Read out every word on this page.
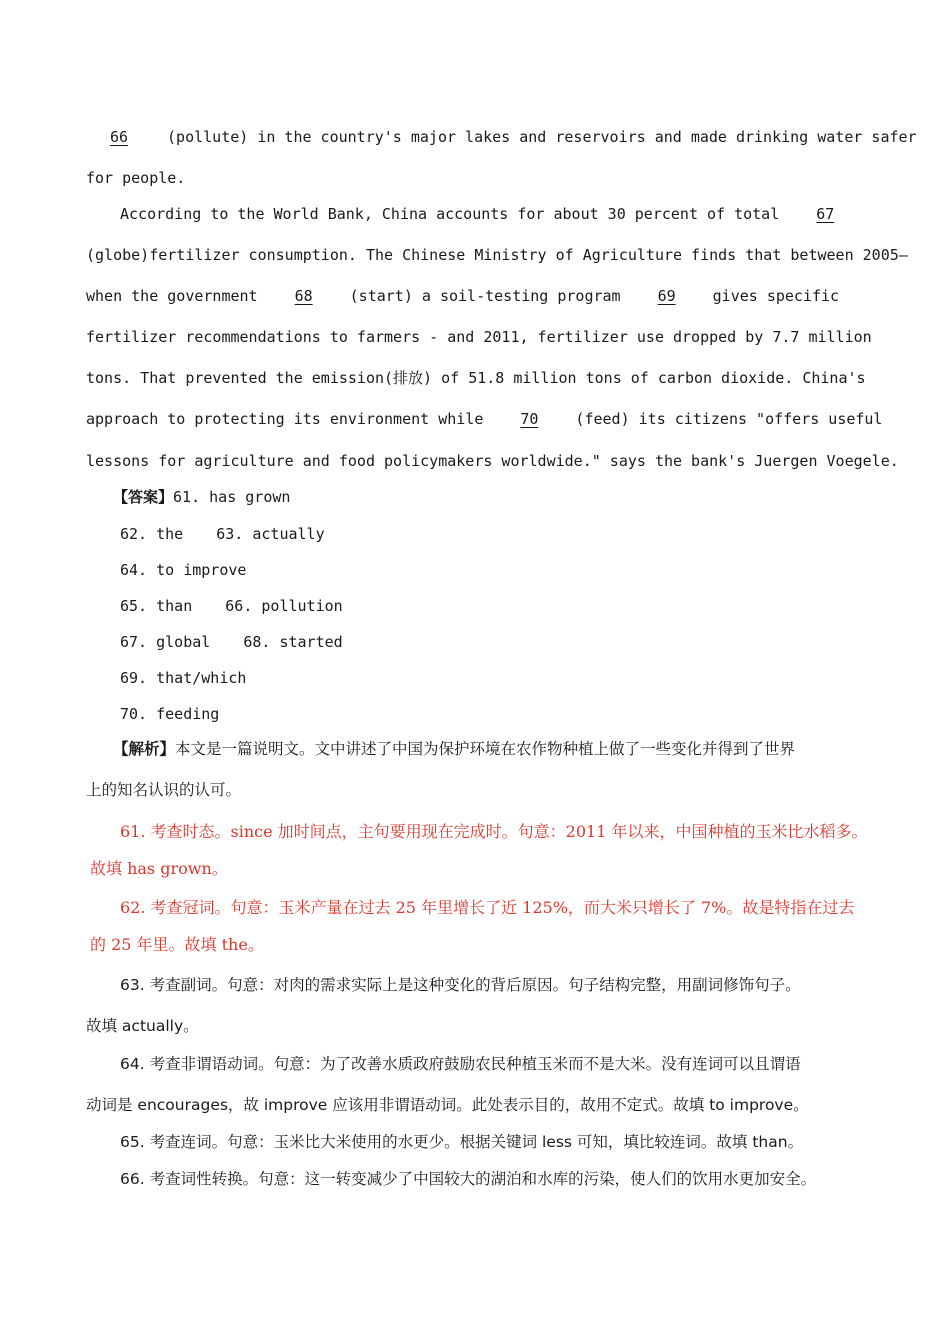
66	(pollute) in the country's major lakes and reservoirs and made drinking water safer
for people.
According to the World Bank, China accounts for about 30 percent of total 67
(globe)fertilizer consumption. The Chinese Ministry of Agriculture finds that between 2005—
when the government 68 (start) a soil-testing program 69 gives specific
fertilizer recommendations to farmers - and 2011, fertilizer use dropped by 7.7 million
tons. That prevented the emission(排放) of 51.8 million tons of carbon dioxide. China's
approach to protecting its environment while 70 (feed) its citizens "offers useful
lessons for agriculture and food policymakers worldwide." says the bank's Juergen Voegele.
【答案】61. has grown
62. the 63. actually
64. to improve
65. than 66. pollution
67. global 68. started
69. that/which
70. feeding
【解析】本文是一篇说明文。文中讲述了中国为保护环境在农作物种植上做了一些变化并得到了世界
上的知名认识的认可。
61. 考查时态。since 加时间点，主句要用现在完成时。句意：2011 年以来，中国种植的玉米比水稻多。
故填 has grown。
62. 考查冠词。句意：玉米产量在过去 25 年里增长了近 125%，而大米只增长了 7%。故是特指在过去
的 25 年里。故填 the。
63. 考查副词。句意：对肉的需求实际上是这种变化的背后原因。句子结构完整，用副词修饰句子。
故填 actually。
64. 考查非谓语动词。句意：为了改善水质政府鼓励农民种植玉米而不是大米。没有连词可以且谓语
动词是 encourages，故 improve 应该用非谓语动词。此处表示目的，故用不定式。故填 to improve。
65. 考查连词。句意：玉米比大米使用的水更少。根据关键词 less 可知，填比较连词。故填 than。
66. 考查词性转换。句意：这一转变减少了中国较大的湖泊和水库的污染，使人们的饮用水更加安全。
